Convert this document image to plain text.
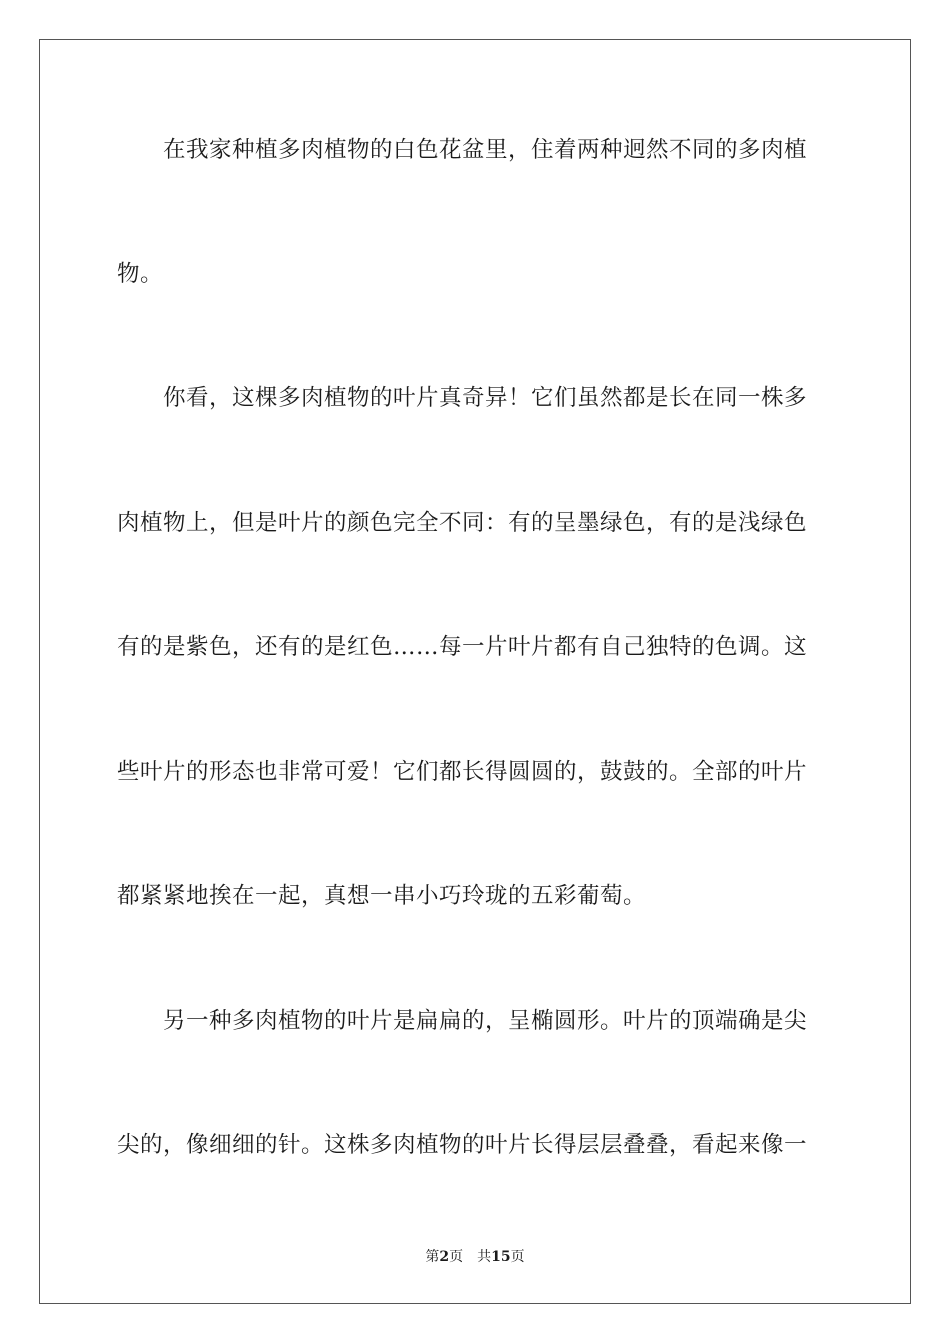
在我家种植多肉植物的白色花盆里，住着两种迥然不同的多肉植
物。
你看，这棵多肉植物的叶片真奇异！它们虽然都是长在同一株多
肉植物上，但是叶片的颜色完全不同：有的呈墨绿色，有的是浅绿色
有的是紫色，还有的是红色……每一片叶片都有自己独特的色调。这
些叶片的形态也非常可爱！它们都长得圆圆的，鼓鼓的。全部的叶片
都紧紧地挨在一起，真想一串小巧玲珑的五彩葡萄。
另一种多肉植物的叶片是扁扁的，呈椭圆形。叶片的顶端确是尖
尖的，像细细的针。这株多肉植物的叶片长得层层叠叠，看起来像一
第2页 共15页
